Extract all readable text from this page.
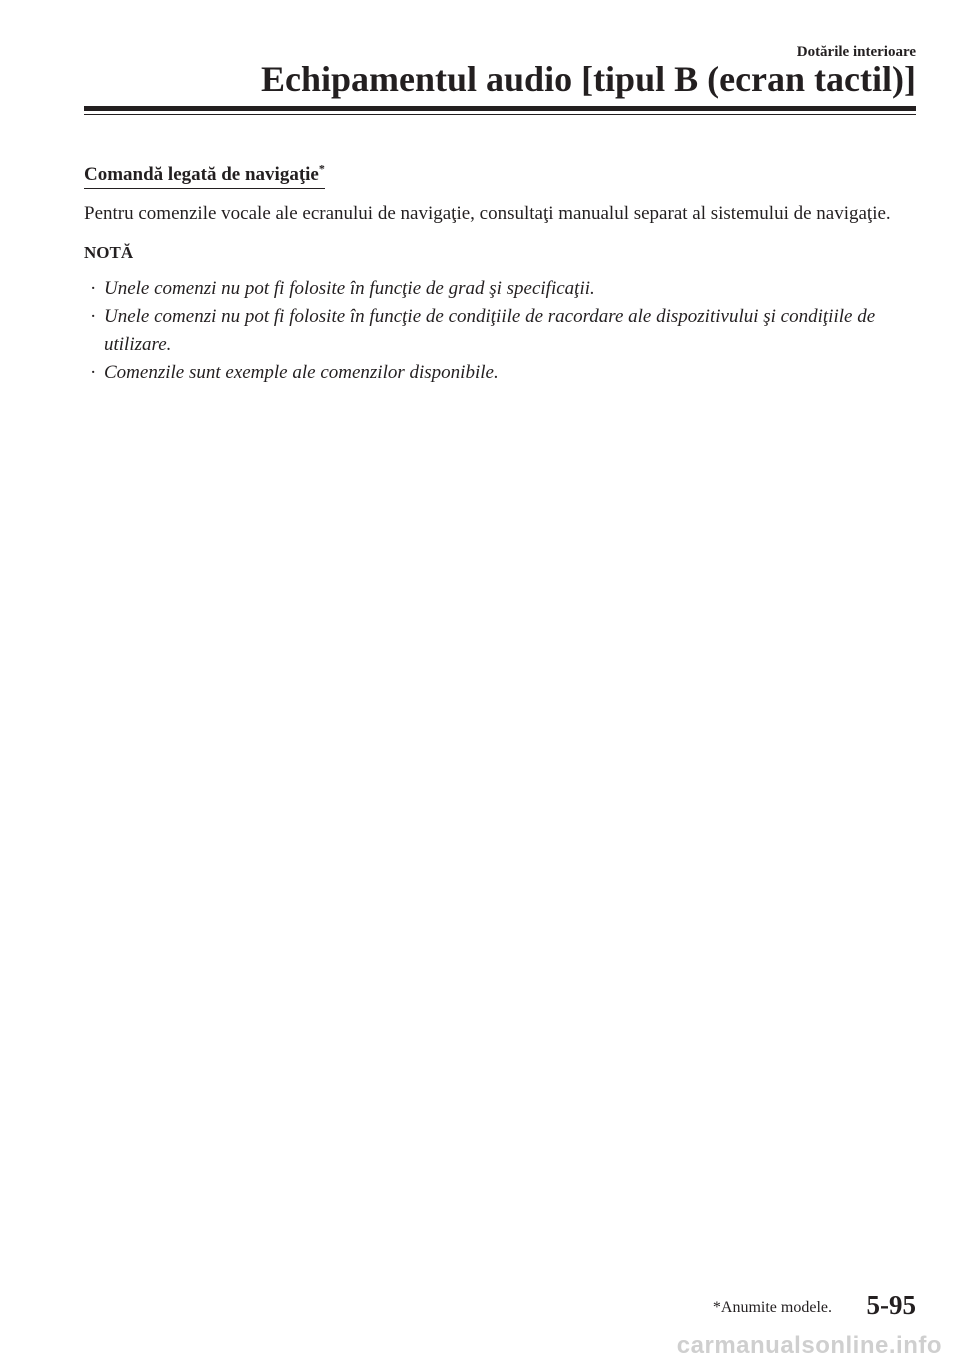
Dotările interioare
Echipamentul audio [tipul B (ecran tactil)]
Comandă legată de navigaţie*

Pentru comenzile vocale ale ecranului de navigaţie, consultaţi manualul separat al sistemului de navigaţie.

NOTĂ

· Unele comenzi nu pot fi folosite în funcţie de grad şi specificaţii.
· Unele comenzi nu pot fi folosite în funcţie de condiţiile de racordare ale dispozitivului şi condiţiile de utilizare.
· Comenzile sunt exemple ale comenzilor disponibile.
*Anumite modele. 5-95
carmanualsonline.info
